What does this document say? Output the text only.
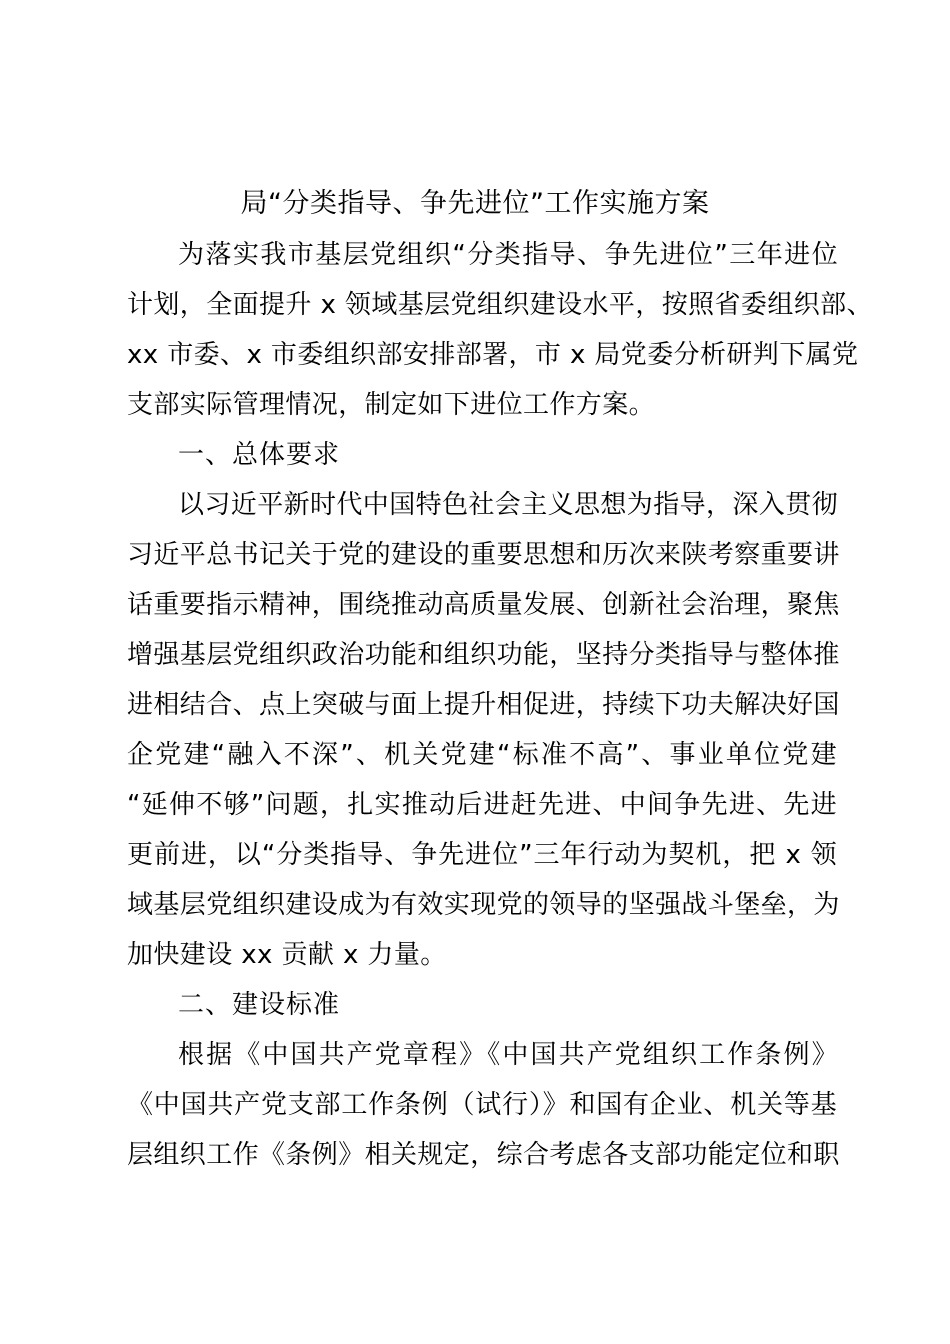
局“分类指导、争先进位”工作实施方案
为落实我市基层党组织“分类指导、争先进位”三年进位
计划，全面提升 x 领域基层党组织建设水平，按照省委组织部、
xx 市委、x 市委组织部安排部署，市 x 局党委分析研判下属党
支部实际管理情况，制定如下进位工作方案。
一、总体要求
以习近平新时代中国特色社会主义思想为指导，深入贯彻
习近平总书记关于党的建设的重要思想和历次来陕考察重要讲
话重要指示精神，围绕推动高质量发展、创新社会治理，聚焦
增强基层党组织政治功能和组织功能，坚持分类指导与整体推
进相结合、点上突破与面上提升相促进，持续下功夫解决好国
企党建“融入不深”、机关党建“标准不高”、事业单位党建
“延伸不够”问题，扎实推动后进赶先进、中间争先进、先进
更前进，以“分类指导、争先进位”三年行动为契机，把 x 领
域基层党组织建设成为有效实现党的领导的坚强战斗堡垒，为
加快建设 xx 贡献 x 力量。
二、建设标准
根据《中国共产党章程》《中国共产党组织工作条例》
《中国共产党支部工作条例（试行）》和国有企业、机关等基
层组织工作《条例》相关规定，综合考虑各支部功能定位和职
